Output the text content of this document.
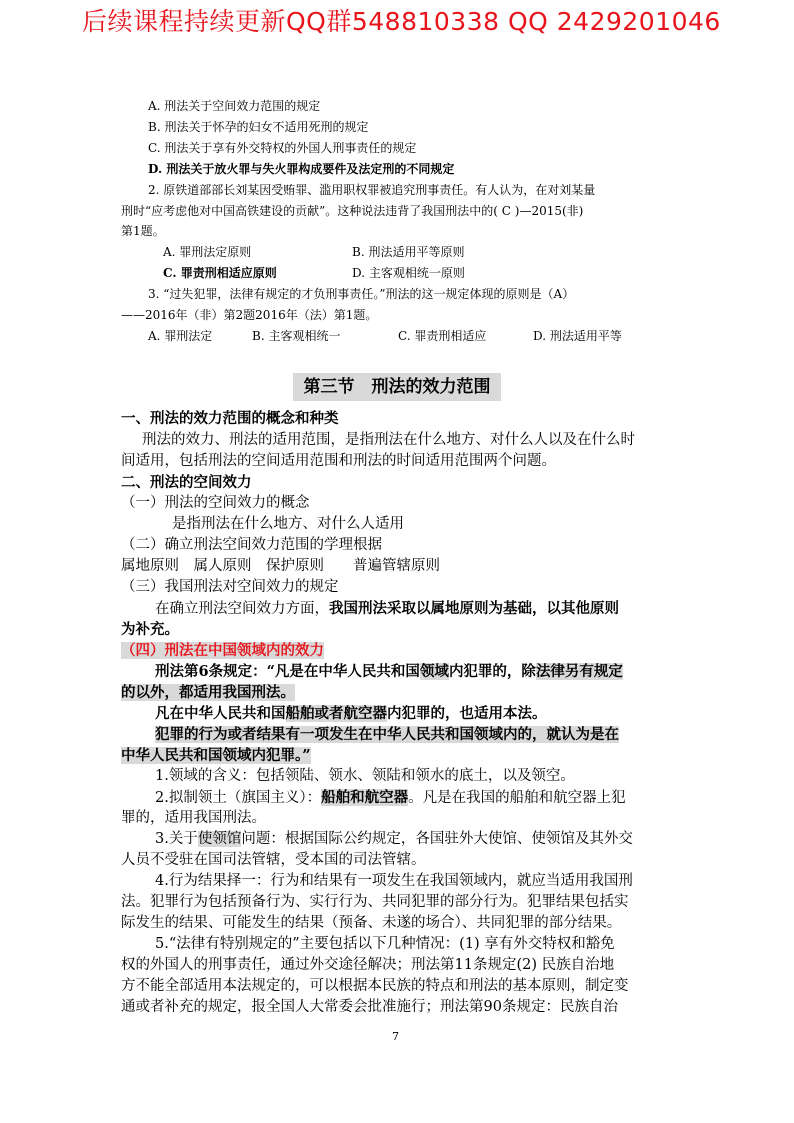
后续课程持续更新QQ群548810338 QQ 2429201046
A. 刑法关于空间效力范围的规定
B. 刑法关于怀孕的妇女不适用死刑的规定
C. 刑法关于享有外交特权的外国人刑事责任的规定
D. 刑法关于放火罪与失火罪构成要件及法定刑的不同规定
2. 原铁道部部长刘某因受贿罪、滥用职权罪被追究刑事责任。有人认为，在对刘某量
刑时“应考虑他对中国高铁建设的贡献”。这种说法违背了我国刑法中的( C )—2015(非)
第1题。
A. 罪刑法定原则	B. 刑法适用平等原则
C. 罪责刑相适应原则	D. 主客观相统一原则
3. “过失犯罪，法律有规定的才负刑事责任。”刑法的这一规定体现的原则是（A）
——2016年（非）第2题2016年（法）第1题。
A. 罪刑法定	B. 主客观相统一	C. 罪责刑相适应	D. 刑法适用平等
第三节　刑法的效力范围
一、刑法的效力范围的概念和种类
刑法的效力、刑法的适用范围，是指刑法在什么地方、对什么人以及在什么时
间适用，包括刑法的空间适用范围和刑法的时间适用范围两个问题。
二、刑法的空间效力
（一）刑法的空间效力的概念
是指刑法在什么地方、对什么人适用
（二）确立刑法空间效力范围的学理根据
属地原则　属人原则　保护原则　　普遍管辖原则
（三）我国刑法对空间效力的规定
在确立刑法空间效力方面，我国刑法采取以属地原则为基础，以其他原则
为补充。
（四）刑法在中国领域内的效力
刑法第6条规定：“凡是在中华人民共和国领域内犯罪的，除法律另有规定
的以外，都适用我国刑法。
凡在中华人民共和国船舶或者航空器内犯罪的，也适用本法。
犯罪的行为或者结果有一项发生在中华人民共和国领域内的，就认为是在
中华人民共和国领域内犯罪。”
1.领域的含义：包括领陆、领水、领陆和领水的底土，以及领空。
2.拟制领土（旗国主义）：船舶和航空器。凡是在我国的船舶和航空器上犯
罪的，适用我国刑法。
3.关于使领馆问题：根据国际公约规定，各国驻外大使馆、使领馆及其外交
人员不受驻在国司法管辖，受本国的司法管辖。
4.行为结果择一：行为和结果有一项发生在我国领域内，就应当适用我国刑
法。犯罪行为包括预备行为、实行行为、共同犯罪的部分行为。犯罪结果包括实
际发生的结果、可能发生的结果（预备、未遂的场合）、共同犯罪的部分结果。
5.“法律有特别规定的”主要包括以下几种情况：(1) 享有外交特权和豁免
权的外国人的刑事责任，通过外交途径解决；刑法第11条规定(2) 民族自治地
方不能全部适用本法规定的，可以根据本民族的特点和刑法的基本原则，制定变
通或者补充的规定，报全国人大常委会批准施行；刑法第90条规定：民族自治
7
